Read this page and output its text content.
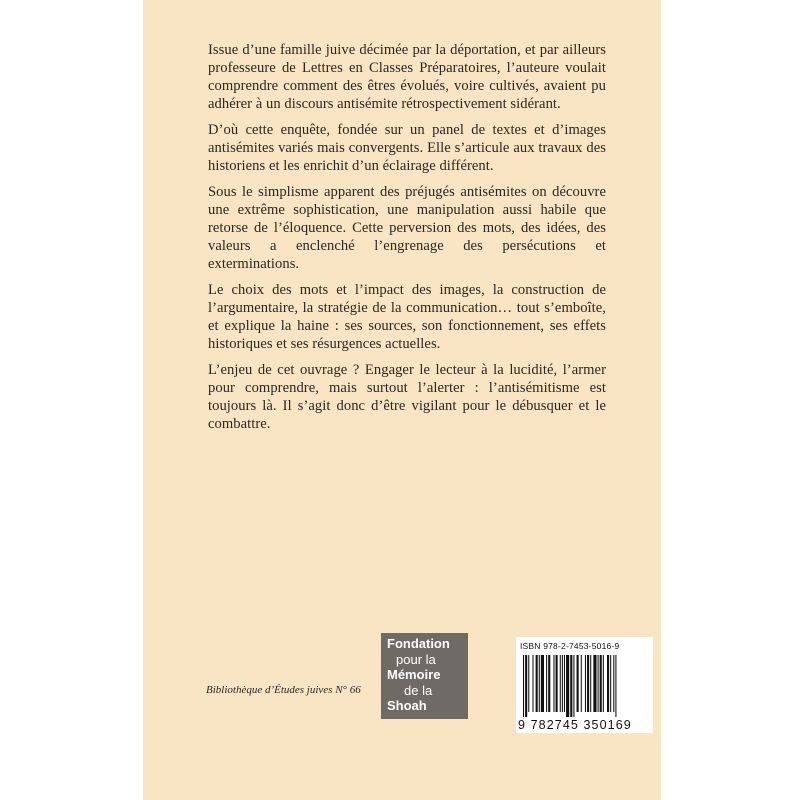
Issue d’une famille juive décimée par la déportation, et par ailleurs professeure de Lettres en Classes Préparatoires, l’auteure voulait comprendre comment des êtres évolués, voire cultivés, avaient pu adhérer à un discours antisémite rétrospectivement sidérant.

D’où cette enquête, fondée sur un panel de textes et d’images antisémites variés mais convergents. Elle s’articule aux travaux des historiens et les enrichit d’un éclairage différent.

Sous le simplisme apparent des préjugés antisémites on découvre une extrême sophistication, une manipulation aussi habile que retorse de l’éloquence. Cette perversion des mots, des idées, des valeurs a enclenché l’engrenage des persécutions et exterminations.

Le choix des mots et l’impact des images, la construction de l’argumentaire, la stratégie de la communication… tout s’emboîte, et explique la haine : ses sources, son fonctionnement, ses effets historiques et ses résurgences actuelles.

L’enjeu de cet ouvrage ? Engager le lecteur à la lucidité, l’armer pour comprendre, mais surtout l’alerter : l’antisémitisme est toujours là. Il s’agit donc d’être vigilant pour le débusquer et le combattre.

Bibliothèque d’Études juives N° 66
Fondation
pour la
Mémoire
de la
Shoah
ISBN 978-2-7453-5016-9
9 782745 350169
